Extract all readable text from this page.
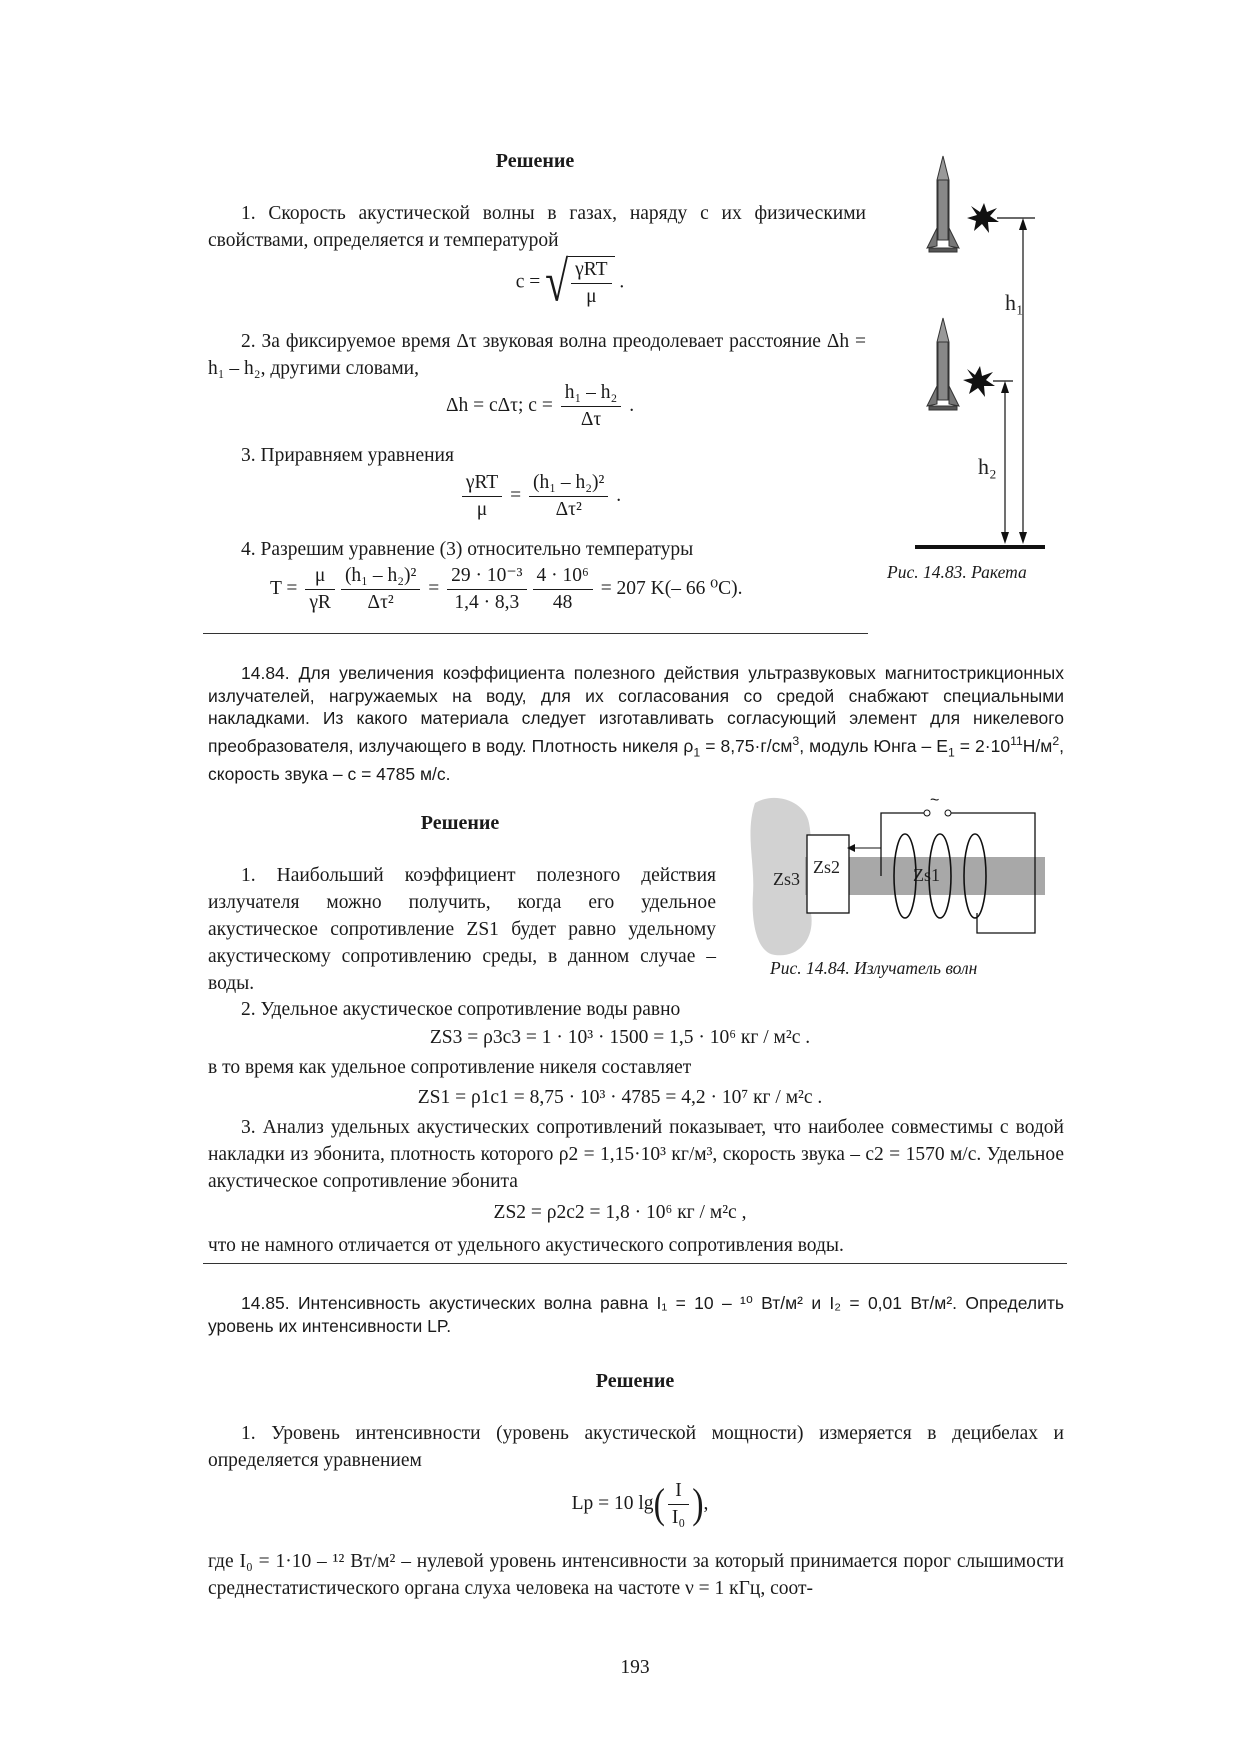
Решение
1. Скорость акустической волны в газах, наряду с их физическими свойствами, определяется и температурой
c = √ $\frac{\text{γRT}}{\mu}$ .
2. За фиксируемое время Δτ звуковая волна преодолевает расстояние Δh = h₁ – h₂, другими словами,
Δh = cΔτ; $c = \frac{\text{h₁ – h₂}}{\Delta\tau}$ .
3. Приравняем уравнения
$\frac{\text{γRT}}{\mu} = \frac{\text{(h₁ – h₂)²}}{\text{Δτ²}}$ .
4. Разрешим уравнение (3) относительно температуры
$T = \frac{\mu}{\gamma R} \frac{\text{(h₁ – h₂)²}}{\text{Δτ²}} = \frac{\text{29 · 10⁻³}}{1,4 \cdot 8,3} \frac{\text{4 · 10⁶}}{48} = 207$ K(– 66 ⁰C).
h₁
h₂
Рис. 14.83. Ракета
14.84. Для увеличения коэффициента полезного действия ультразвуковых магнитострикционных излучателей, нагружаемых на воду, для их согласования со средой снабжают специальными накладками. Из какого материала следует изготавливать согласующий элемент для никелевого преобразователя, излучающего в воду. Плотность никеля $\rho_1 = 8,75\cdot г/см^3$, модуль Юнга – $Е_1 = 2\cdot 10^{11}Н/м^2$, скорость звука – с = 4785 м/с.
Решение
1. Наибольший коэффициент полезного действия излучателя можно получить, когда его удельное акустическое сопротивление ZS1 будет равно удельному акустическому сопротивлению среды, в данном случае – воды.
Zs3
Zs2	Zs1
~
Рис. 14.84. Излучатель волн
2. Удельное акустическое сопротивление воды равно
ZS3 = ρ3c3 = 1 · 10³ · 1500 = 1,5 · 10⁶ кг / м²с .
в то время как удельное сопротивление никеля составляет
ZS1 = ρ1c1 = 8,75 · 10³ · 4785 = 4,2 · 10⁷ кг / м²с .
3. Анализ удельных акустических сопротивлений показывает, что наиболее совместимы с водой накладки из эбонита, плотность которого ρ2 = 1,15·10³ кг/м³, скорость звука – с2 = 1570 м/с. Удельное акустическое сопротивление эбонита
ZS2 = ρ2c2 = 1,8 · 10⁶ кг / м²с ,
что не намного отличается от удельного акустического сопротивления воды.
14.85. Интенсивность акустических волна равна I₁ = 10 – ¹⁰ Вт/м² и I₂ = 0,01 Вт/м². Определить уровень их интенсивности LP.
Решение
1. Уровень интенсивности (уровень акустической мощности) измеряется в децибелах и определяется уравнением
Lp = 10 $\lg( \frac{I}{\text{I₀}}$ ),
где I₀ = 1·10 – ¹² Вт/м² – нулевой уровень интенсивности за который принимается порог слышимости среднестатистического органа слуха человека на частоте ν = 1 кГц, соот-
193
